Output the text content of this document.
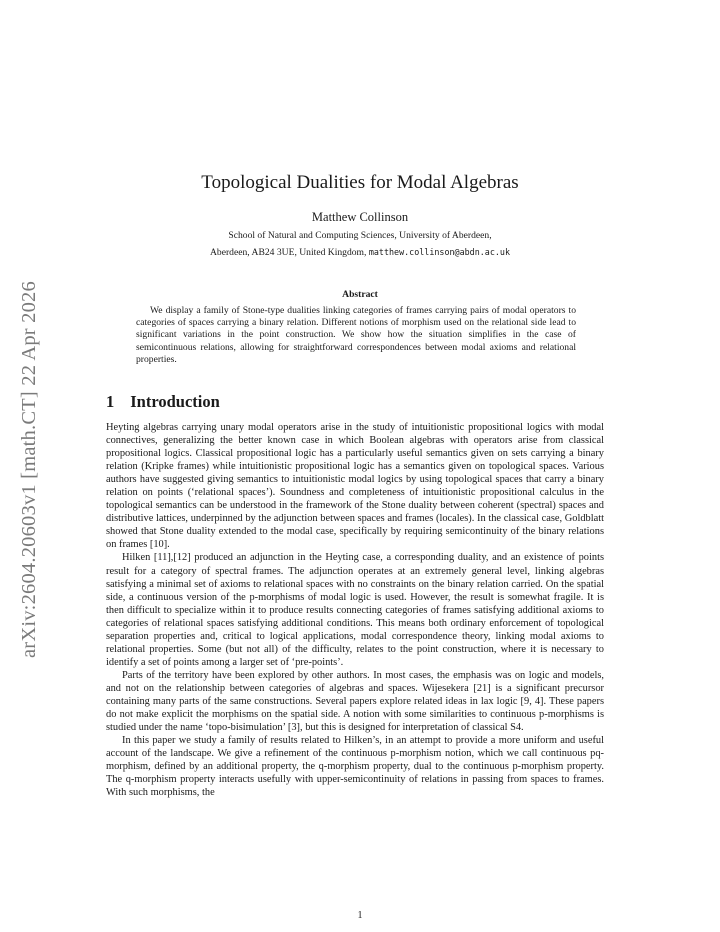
arXiv:2604.20603v1 [math.CT] 22 Apr 2026
Topological Dualities for Modal Algebras
Matthew Collinson
School of Natural and Computing Sciences, University of Aberdeen,
Aberdeen, AB24 3UE, United Kingdom, matthew.collinson@abdn.ac.uk
Abstract
We display a family of Stone-type dualities linking categories of frames carrying pairs of modal operators to categories of spaces carrying a binary relation. Different notions of morphism used on the relational side lead to significant variations in the point construction. We show how the situation simplifies in the case of semicontinuous relations, allowing for straightforward correspondences between modal axioms and relational properties.
1 Introduction

Heyting algebras carrying unary modal operators arise in the study of intuitionistic propositional logics with modal connectives, generalizing the better known case in which Boolean algebras with operators arise from classical propositional logics. Classical propositional logic has a particularly useful semantics given on sets carrying a binary relation (Kripke frames) while intuitionistic propositional logic has a semantics given on topological spaces. Various authors have suggested giving semantics to intuitionistic modal logics by using topological spaces that carry a binary relation on points (‘relational spaces’). Soundness and completeness of intuitionistic propositional calculus in the topological semantics can be understood in the framework of the Stone duality between coherent (spectral) spaces and distributive lattices, underpinned by the adjunction between spaces and frames (locales). In the classical case, Goldblatt showed that Stone duality extended to the modal case, specifically by requiring semicontinuity of the binary relations on frames [10].

Hilken [11],[12] produced an adjunction in the Heyting case, a corresponding duality, and an existence of points result for a category of spectral frames. The adjunction operates at an extremely general level, linking algebras satisfying a minimal set of axioms to relational spaces with no constraints on the binary relation carried. On the spatial side, a continuous version of the p-morphisms of modal logic is used. However, the result is somewhat fragile. It is then difficult to specialize within it to produce results connecting categories of frames satisfying additional axioms to categories of relational spaces satisfying additional conditions. This means both ordinary enforcement of topological separation properties and, critical to logical applications, modal correspondence theory, linking modal axioms to relational properties. Some (but not all) of the difficulty, relates to the point construction, where it is necessary to identify a set of points among a larger set of ‘pre-points’.

Parts of the territory have been explored by other authors. In most cases, the emphasis was on logic and models, and not on the relationship between categories of algebras and spaces. Wijesekera [21] is a significant precursor containing many parts of the same constructions. Several papers explore related ideas in lax logic [9, 4]. These papers do not make explicit the morphisms on the spatial side. A notion with some similarities to continuous p-morphisms is studied under the name ‘topo-bisimulation’ [3], but this is designed for interpretation of classical S4.

In this paper we study a family of results related to Hilken’s, in an attempt to provide a more uniform and useful account of the landscape. We give a refinement of the continuous p-morphism notion, which we call continuous pq-morphism, defined by an additional property, the q-morphism property, dual to the continuous p-morphism property. The q-morphism property interacts usefully with upper-semicontinuity of relations in passing from spaces to frames. With such morphisms, the

1
